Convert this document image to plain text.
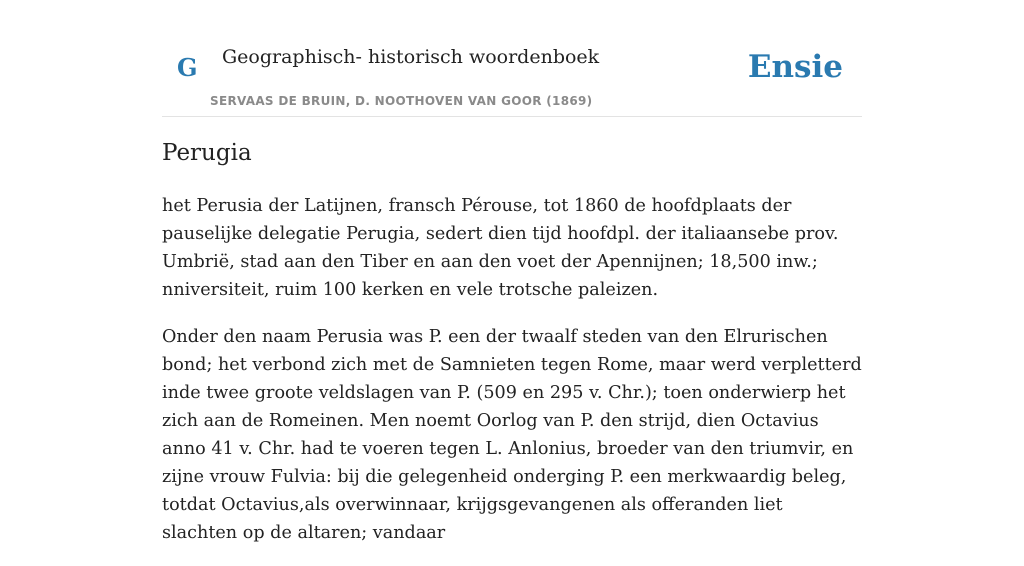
G Geographisch- historisch woordenboek
SERVAAS DE BRUIN, D. NOOTHOVEN VAN GOOR (1869)
Ensie
Perugia

het Perusia der Latijnen, fransch Pérouse, tot 1860 de hoofdplaats der pauselijke delegatie Perugia, sedert dien tijd hoofdpl. der italiaansebe prov. Umbrië, stad aan den Tiber en aan den voet der Apennijnen; 18,500 inw.; nniversiteit, ruim 100 kerken en vele trotsche paleizen.

Onder den naam Perusia was P. een der twaalf steden van den Elrurischen bond; het verbond zich met de Samnieten tegen Rome, maar werd verpletterd inde twee groote veldslagen van P. (509 en 295 v. Chr.); toen onderwierp het zich aan de Romeinen. Men noemt Oorlog van P. den strijd, dien Octavius anno 41 v. Chr. had te voeren tegen L. Anlonius, broeder van den triumvir, en zijne vrouw Fulvia: bij die gelegenheid onderging P. een merkwaardig beleg, totdat Octavius,als overwinnaar, krijgsgevangenen als offeranden liet slachten op de altaren; vandaar
